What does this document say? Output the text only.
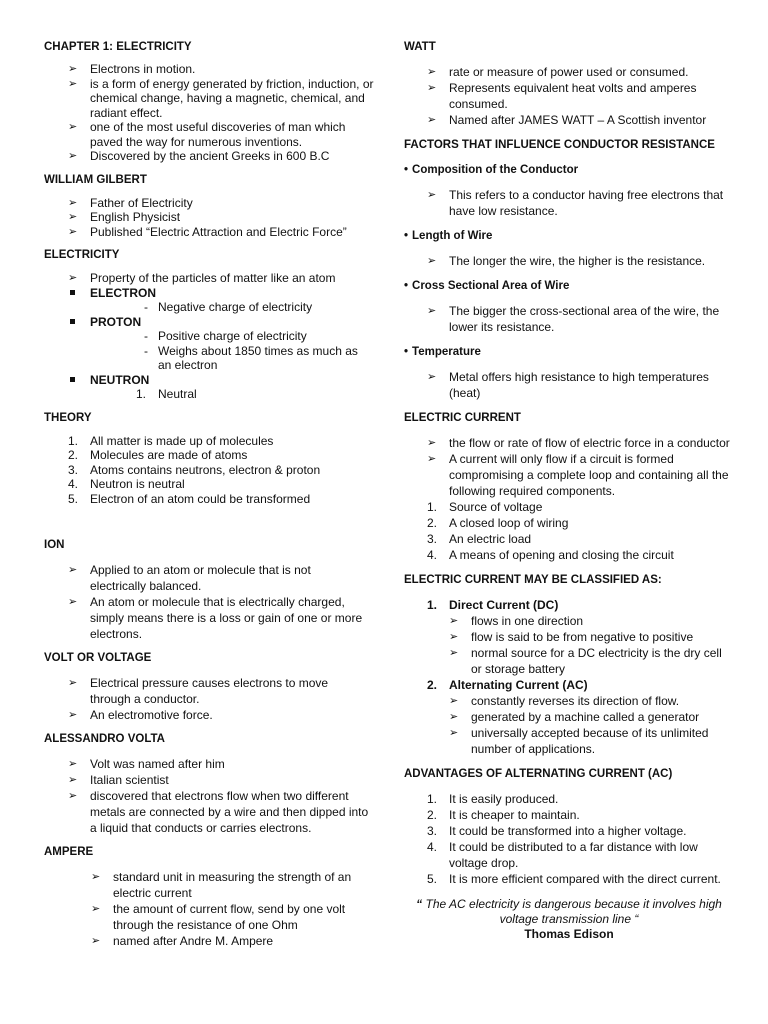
CHAPTER 1: ELECTRICITY
➢ Electrons in motion.
➢ is a form of energy generated by friction, induction, or chemical change, having a magnetic, chemical, and radiant effect.
➢ one of the most useful discoveries of man which paved the way for numerous inventions.
➢ Discovered by the ancient Greeks in 600 B.C
WILLIAM GILBERT
➢ Father of Electricity
➢ English Physicist
➢ Published “Electric Attraction and Electric Force”
ELECTRICITY
➢ Property of the particles of matter like an atom
ELECTRON
- Negative charge of electricity
PROTON
- Positive charge of electricity
- Weighs about 1850 times as much as an electron
NEUTRON
1. Neutral
THEORY
1. All matter is made up of molecules
2. Molecules are made of atoms
3. Atoms contains neutrons, electron & proton
4. Neutron is neutral
5. Electron of an atom could be transformed
ION
➢ Applied to an atom or molecule that is not electrically balanced.
➢ An atom or molecule that is electrically charged, simply means there is a loss or gain of one or more electrons.
VOLT OR VOLTAGE
➢ Electrical pressure causes electrons to move through a conductor.
➢ An electromotive force.
ALESSANDRO VOLTA
➢ Volt was named after him
➢ Italian scientist
➢ discovered that electrons flow when two different metals are connected by a wire and then dipped into a liquid that conducts or carries electrons.
AMPERE
➢ standard unit in measuring the strength of an electric current
➢ the amount of current flow, send by one volt through the resistance of one Ohm
➢ named after Andre M. Ampere
WATT
➢ rate or measure of power used or consumed.
➢ Represents equivalent heat volts and amperes consumed.
➢ Named after JAMES WATT – A Scottish inventor
FACTORS THAT INFLUENCE CONDUCTOR RESISTANCE
• Composition of the Conductor
➢ This refers to a conductor having free electrons that have low resistance.
• Length of Wire
➢ The longer the wire, the higher is the resistance.
• Cross Sectional Area of Wire
➢ The bigger the cross-sectional area of the wire, the lower its resistance.
• Temperature
➢ Metal offers high resistance to high temperatures (heat)
ELECTRIC CURRENT
➢ the flow or rate of flow of electric force in a conductor
➢ A current will only flow if a circuit is formed compromising a complete loop and containing all the following required components.
1. Source of voltage
2. A closed loop of wiring
3. An electric load
4. A means of opening and closing the circuit
ELECTRIC CURRENT MAY BE CLASSIFIED AS:
1. Direct Current (DC)
➢ flows in one direction
➢ flow is said to be from negative to positive
➢ normal source for a DC electricity is the dry cell or storage battery
2. Alternating Current (AC)
➢ constantly reverses its direction of flow.
➢ generated by a machine called a generator
➢ universally accepted because of its unlimited number of applications.
ADVANTAGES OF ALTERNATING CURRENT (AC)
1. It is easily produced.
2. It is cheaper to maintain.
3. It could be transformed into a higher voltage.
4. It could be distributed to a far distance with low voltage drop.
5. It is more efficient compared with the direct current.
“ The AC electricity is dangerous because it involves high voltage transmission line “
Thomas Edison
